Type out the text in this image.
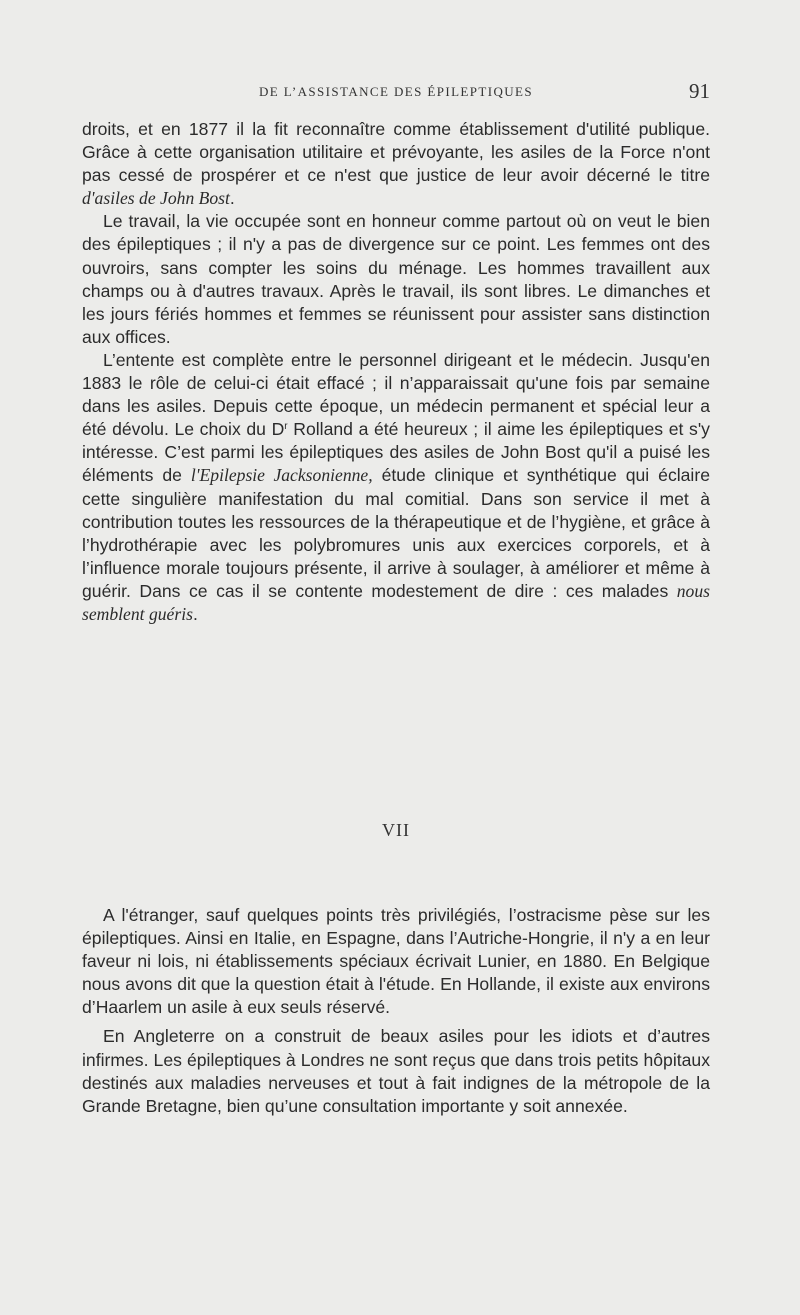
DE L’ASSISTANCE DES ÉPILEPTIQUES	91

droits, et en 1877 il la fit reconnaître comme établissement d'utilité publique. Grâce à cette organisation utilitaire et prévoyante, les asiles de la Force n'ont pas cessé de prospérer et ce n'est que justice de leur avoir décerné le titre d'asiles de John Bost.

Le travail, la vie occupée sont en honneur comme partout où on veut le bien des épileptiques ; il n'y a pas de divergence sur ce point. Les femmes ont des ouvroirs, sans compter les soins du ménage. Les hommes travaillent aux champs ou à d'autres travaux. Après le travail, ils sont libres. Le dimanches et les jours fériés hommes et femmes se réunissent pour assister sans distinction aux offices.

L’entente est complète entre le personnel dirigeant et le médecin. Jusqu'en 1883 le rôle de celui-ci était effacé ; il n’apparaissait qu'une fois par semaine dans les asiles. Depuis cette époque, un médecin permanent et spécial leur a été dévolu. Le choix du $D^r$ Rolland a été heureux ; il aime les épileptiques et s'y intéresse. C’est parmi les épileptiques des asiles de John Bost qu'il a puisé les éléments de l'Epilepsie Jacksonienne, étude clinique et synthétique qui éclaire cette singulière manifestation du mal comitial. Dans son service il met à contribution toutes les ressources de la thérapeutique et de l’hygiène, et grâce à l’hydrothérapie avec les polybromures unis aux exercices corporels, et à l’influence morale toujours présente, il arrive à soulager, à améliorer et même à guérir. Dans ce cas il se contente modestement de dire : ces malades nous semblent guéris.

VII

A l'étranger, sauf quelques points très privilégiés, l’ostracisme pèse sur les épileptiques. Ainsi en Italie, en Espagne, dans l’Autriche-Hongrie, il n'y a en leur faveur ni lois, ni établissements spéciaux écrivait Lunier, en 1880. En Belgique nous avons dit que la question était à l'étude. En Hollande, il existe aux environs d’Haarlem un asile à eux seuls réservé.

En Angleterre on a construit de beaux asiles pour les idiots et d’autres infirmes. Les épileptiques à Londres ne sont reçus que dans trois petits hôpitaux destinés aux maladies nerveuses et tout à fait indignes de la métropole de la Grande Bretagne, bien qu’une consultation importante y soit annexée.
